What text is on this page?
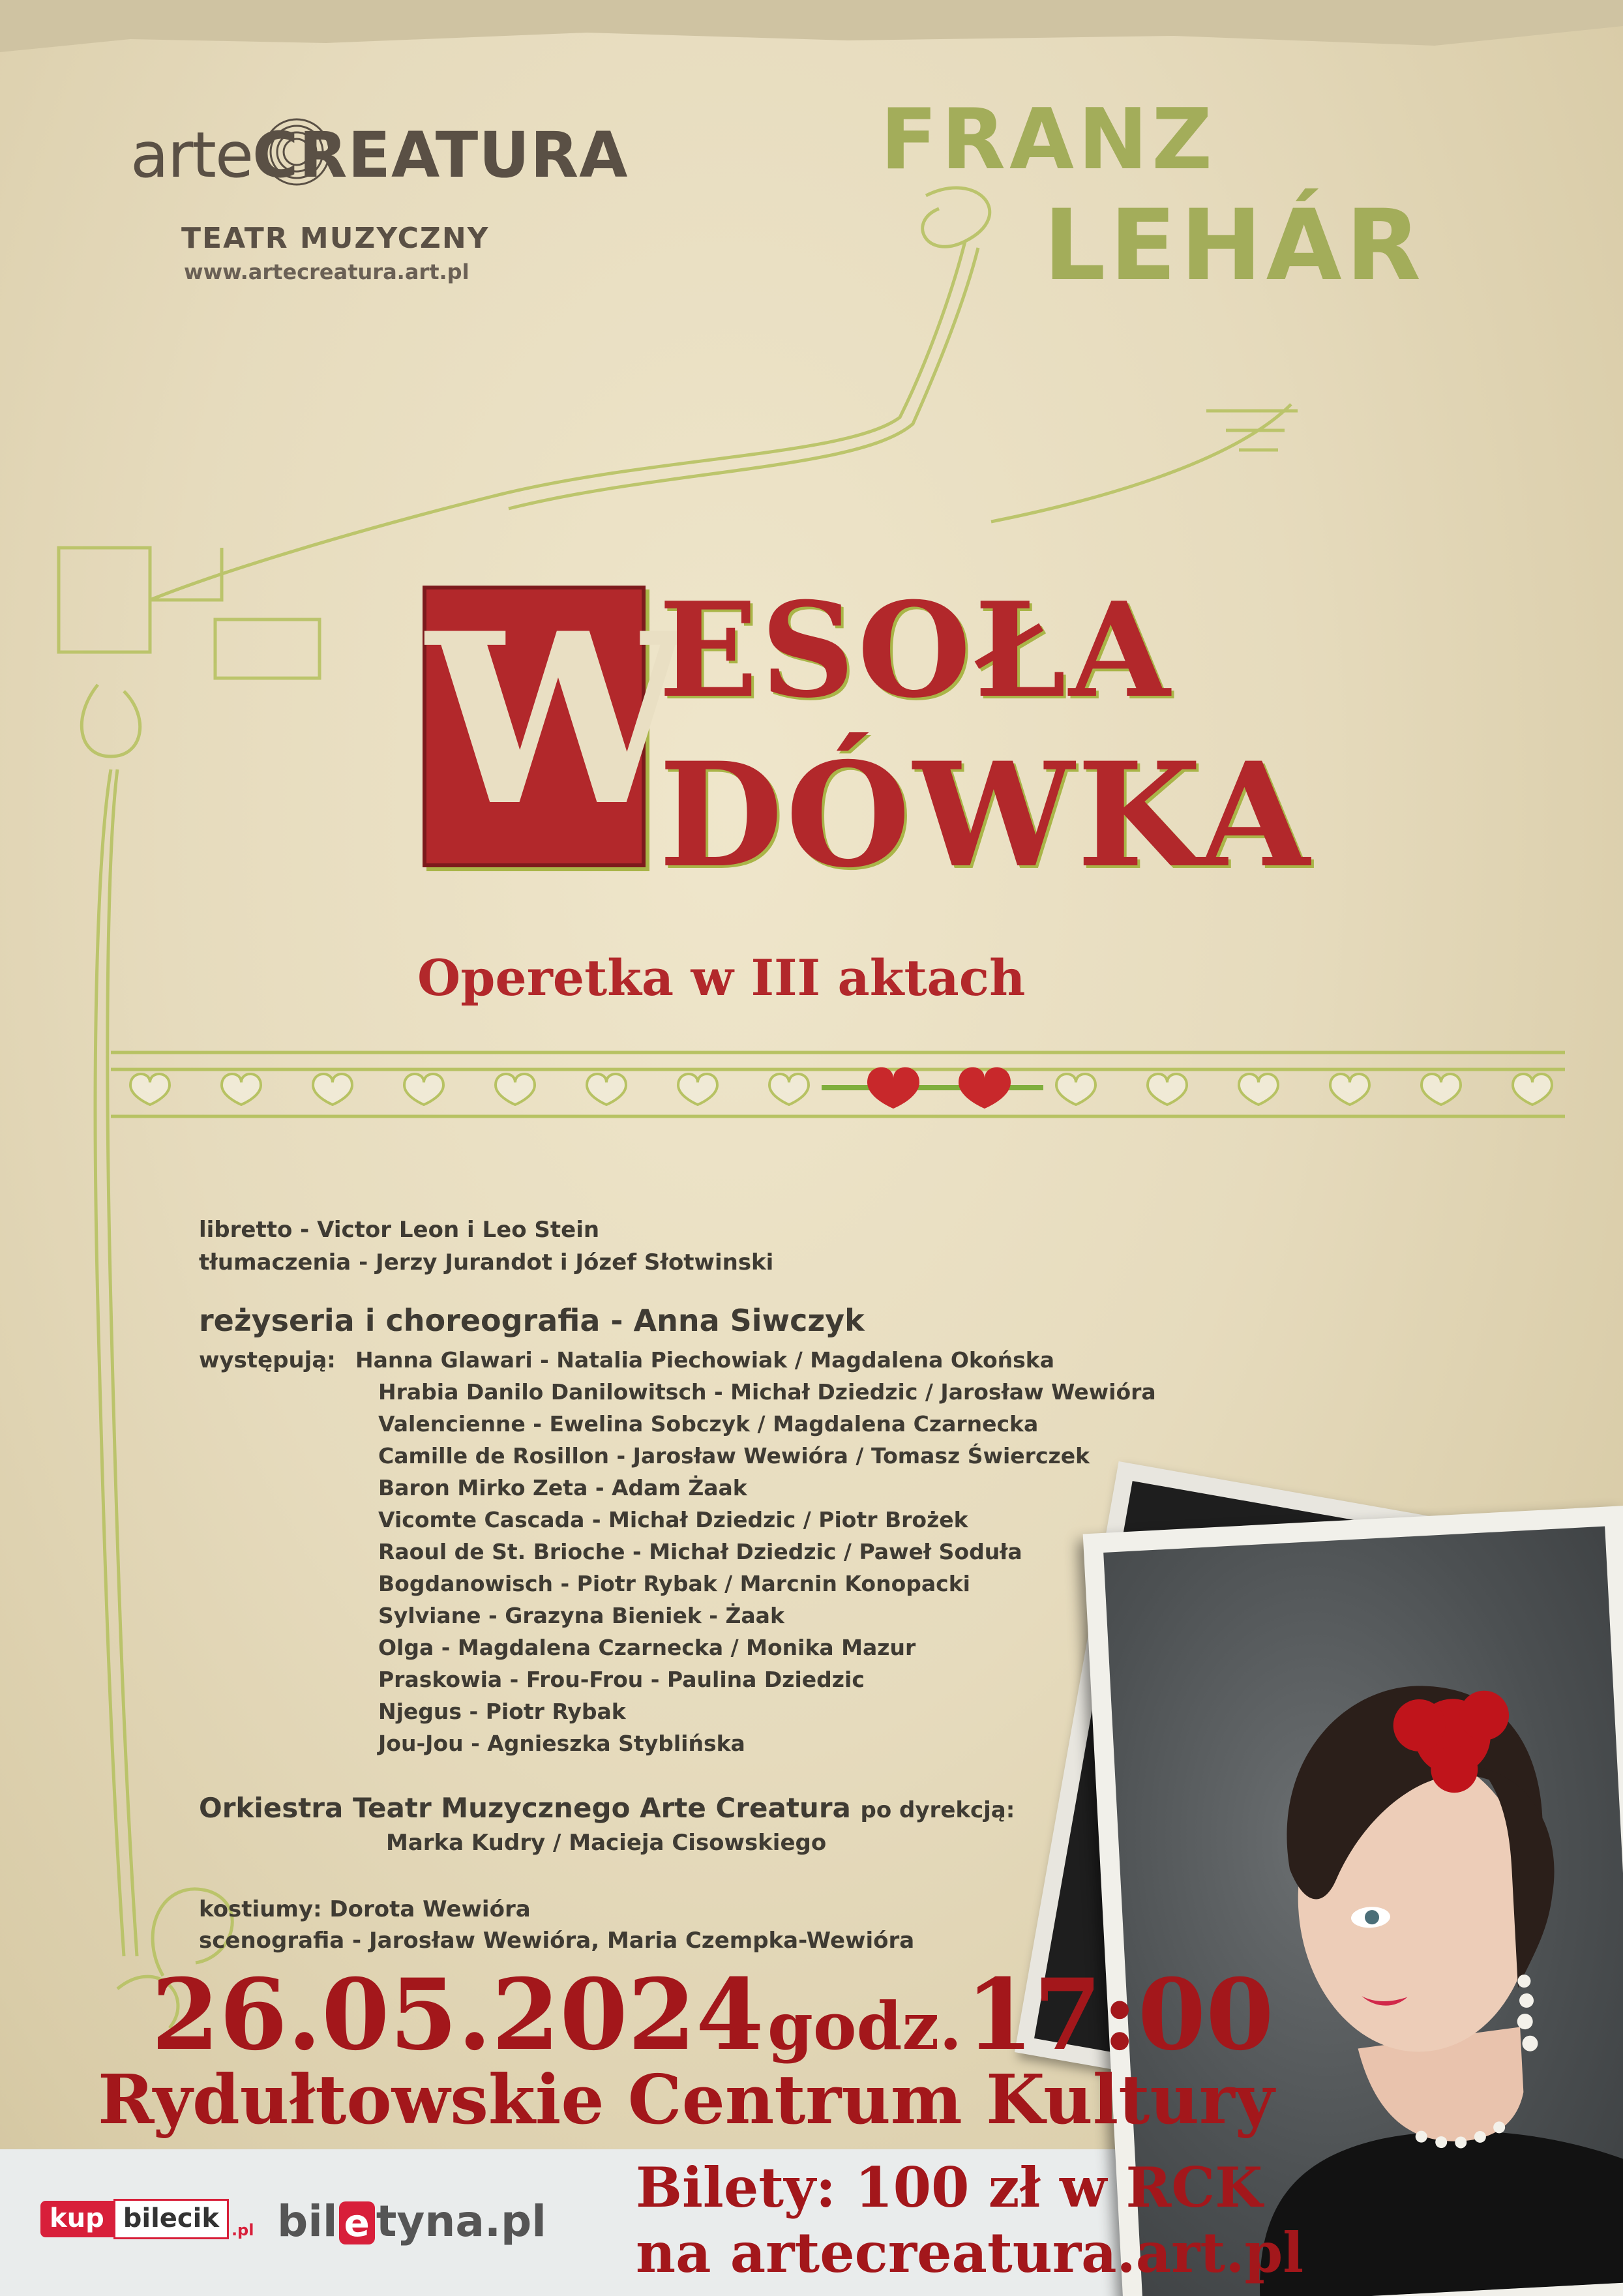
arteCREATURA
TEATR MUZYCZNY
www.artecreatura.art.pl
FRANZ
LEHÁR
W
ESOŁA
DÓWKA
Operetka w III aktach
libretto - Victor Leon i Leo Stein
tłumaczenia - Jerzy Jurandot i Józef Słotwinski
reżyseria i choreografia - Anna Siwczyk
występują: Hanna Glawari - Natalia Piechowiak / Magdalena Okońska
Hrabia Danilo Danilowitsch - Michał Dziedzic / Jarosław Wewióra
Valencienne - Ewelina Sobczyk / Magdalena Czarnecka
Camille de Rosillon - Jarosław Wewióra / Tomasz Świerczek
Baron Mirko Zeta - Adam Żaak
Vicomte Cascada - Michał Dziedzic / Piotr Brożek
Raoul de St. Brioche - Michał Dziedzic / Paweł Soduła
Bogdanowisch - Piotr Rybak / Marcnin Konopacki
Sylviane - Grazyna Bieniek - Żaak
Olga - Magdalena Czarnecka / Monika Mazur
Praskowia - Frou-Frou - Paulina Dziedzic
Njegus - Piotr Rybak
Jou-Jou - Agnieszka Styblińska
Orkiestra Teatr Muzycznego Arte Creatura po dyrekcją:
Marka Kudry / Macieja Cisowskiego
kostiumy: Dorota Wewióra
scenografia - Jarosław Wewióra, Maria Czempka-Wewióra
26.05.2024 godz. 17:00
Rydułtowskie Centrum Kultury
Bilety: 100 zł w RCK
na artecreatura.art.pl
kup bilecik .pl bil e tyna.pl
